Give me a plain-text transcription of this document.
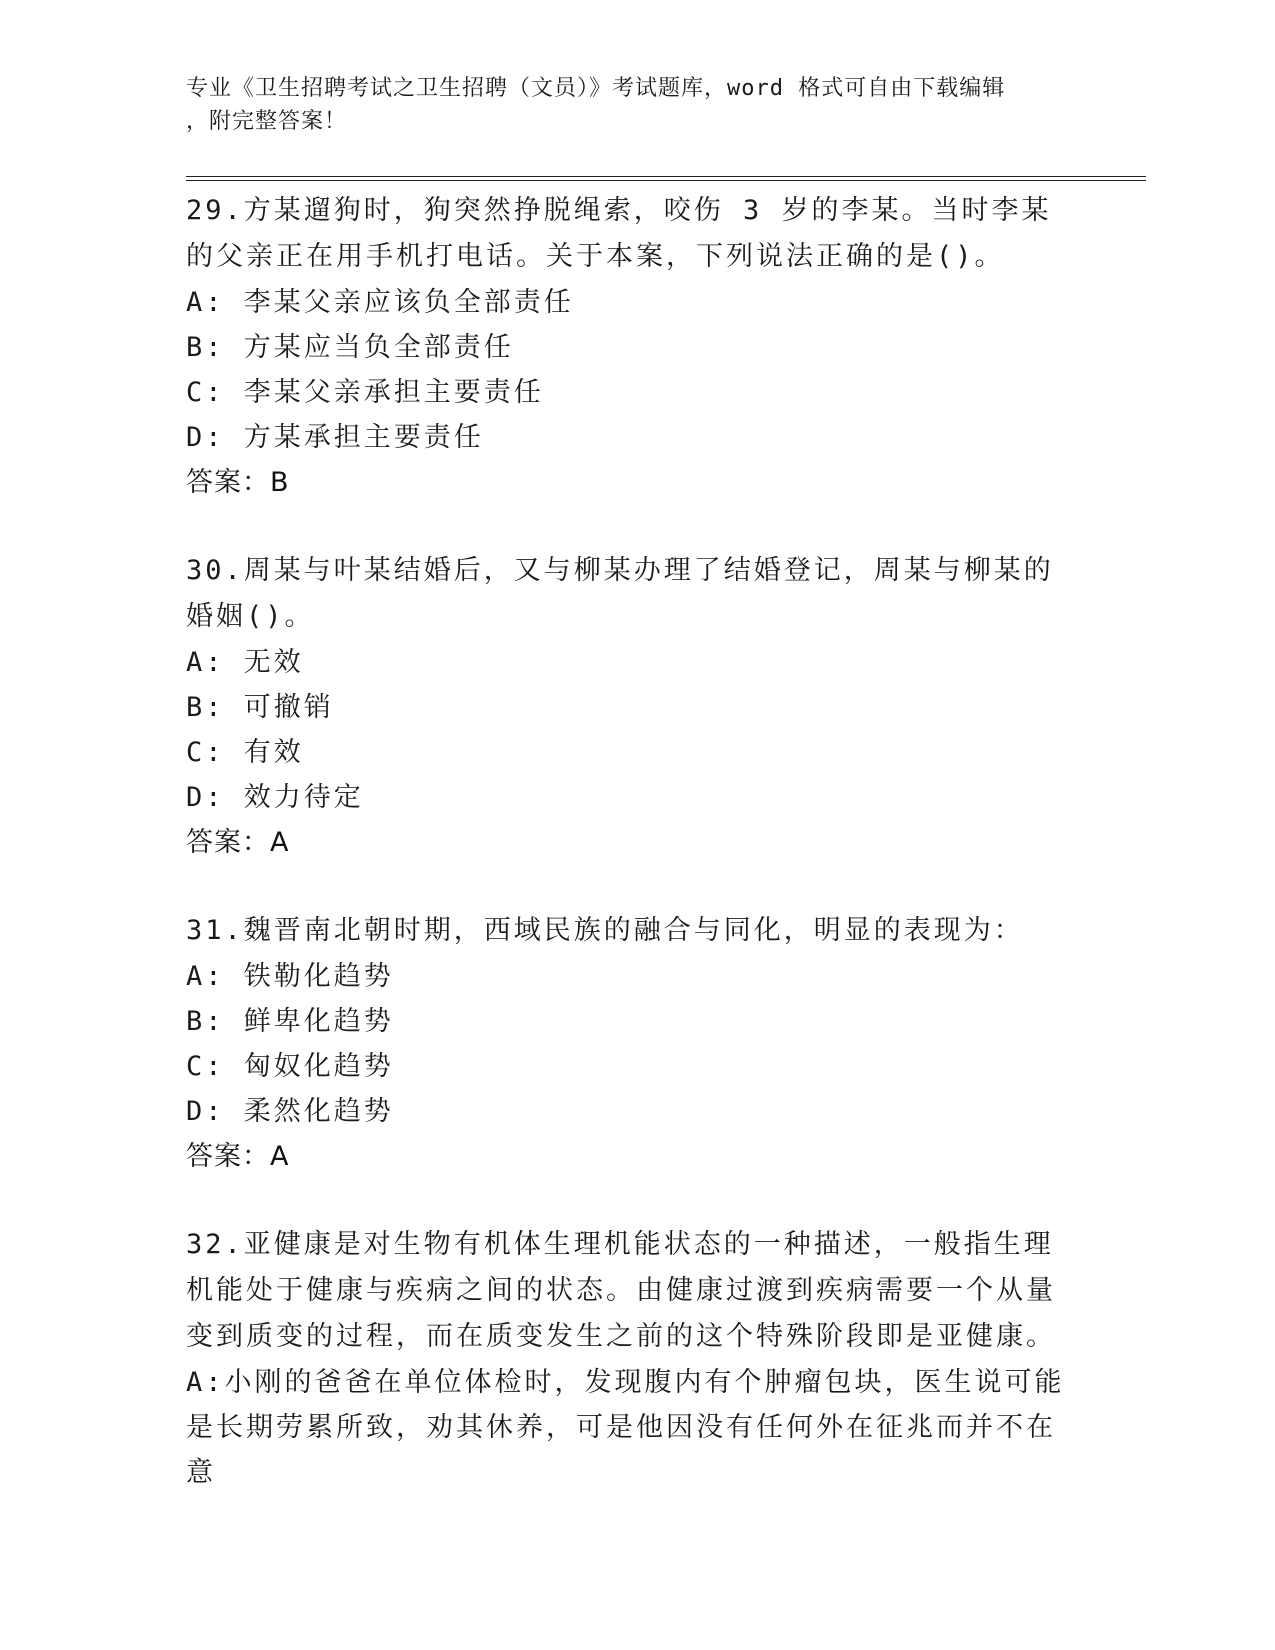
专业《卫生招聘考试之卫生招聘（文员）》考试题库，word 格式可自由下载编辑
，附完整答案！
29.方某遛狗时，狗突然挣脱绳索，咬伤 3 岁的李某。当时李某的父亲正在用手机打电话。关于本案，下列说法正确的是()。
A: 李某父亲应该负全部责任
B: 方某应当负全部责任
C: 李某父亲承担主要责任
D: 方某承担主要责任
答案：B
30.周某与叶某结婚后，又与柳某办理了结婚登记，周某与柳某的婚姻()。
A: 无效
B: 可撤销
C: 有效
D: 效力待定
答案：A
31.魏晋南北朝时期，西域民族的融合与同化，明显的表现为：
A: 铁勒化趋势
B: 鲜卑化趋势
C: 匈奴化趋势
D: 柔然化趋势
答案：A
32.亚健康是对生物有机体生理机能状态的一种描述，一般指生理机能处于健康与疾病之间的状态。由健康过渡到疾病需要一个从量变到质变的过程，而在质变发生之前的这个特殊阶段即是亚健康。
A:小刚的爸爸在单位体检时，发现腹内有个肿瘤包块，医生说可能是长期劳累所致，劝其休养，可是他因没有任何外在征兆而并不在意
